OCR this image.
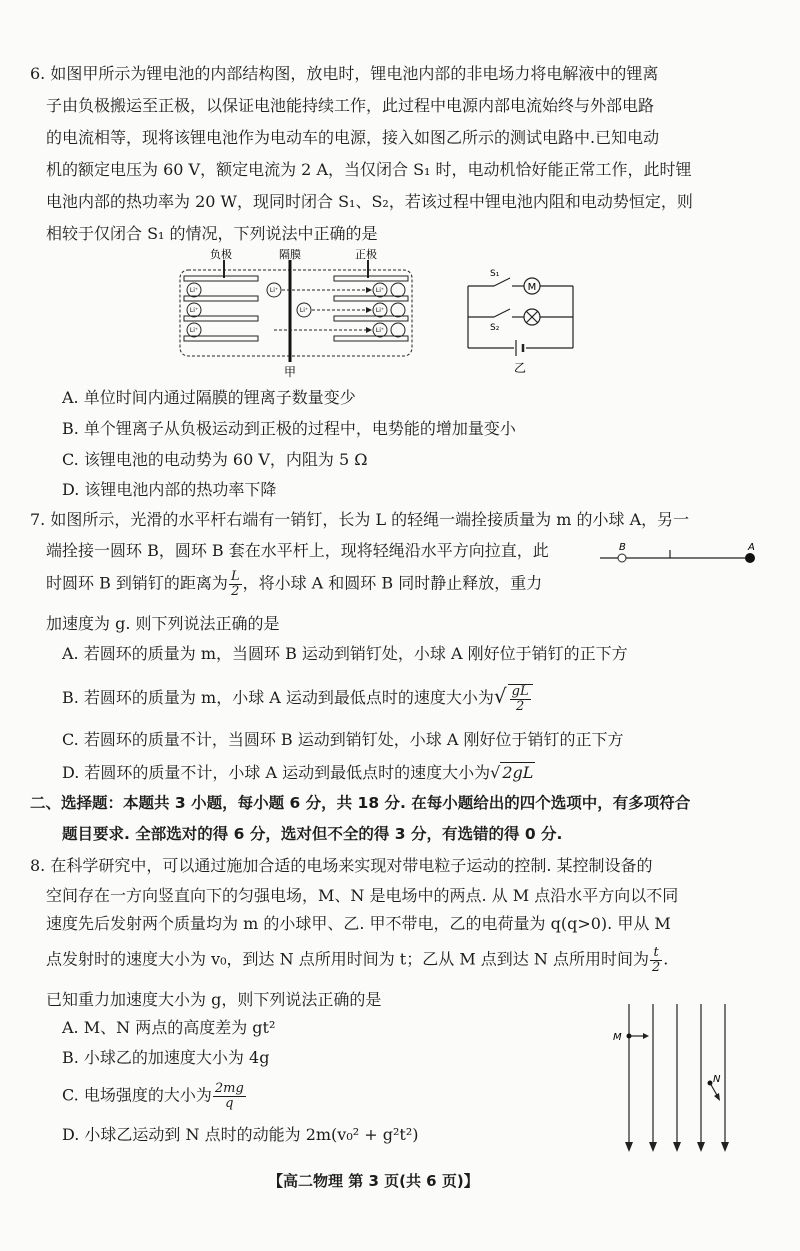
6. 如图甲所示为锂电池的内部结构图，放电时，锂电池内部的非电场力将电解液中的锂离
子由负极搬运至正极，以保证电池能持续工作，此过程中电源内部电流始终与外部电路
的电流相等，现将该锂电池作为电动车的电源，接入如图乙所示的测试电路中.已知电动
机的额定电压为 60 V，额定电流为 2 A，当仅闭合 S₁ 时，电动机恰好能正常工作，此时锂
电池内部的热功率为 20 W，现同时闭合 S₁、S₂，若该过程中锂电池内阻和电动势恒定，则
相较于仅闭合 S₁ 的情况，下列说法中正确的是
负极	隔膜	正极
Li⁺
Li⁺
Li⁺
Li⁺
Li⁺
Li⁺
Li⁺
Li⁺
甲
S₁
S₂
M
乙
A. 单位时间内通过隔膜的锂离子数量变少
B. 单个锂离子从负极运动到正极的过程中，电势能的增加量变小
C. 该锂电池的电动势为 60 V，内阻为 5 Ω
D. 该锂电池内部的热功率下降
7. 如图所示，光滑的水平杆右端有一销钉，长为 L 的轻绳一端拴接质量为 m 的小球 A，另一
端拴接一圆环 B，圆环 B 套在水平杆上，现将轻绳沿水平方向拉直，此
时圆环 B 到销钉的距离为 $\frac{L}{2}$ ，将小球 A 和圆环 B 同时静止释放，重力
加速度为 g. 则下列说法正确的是
B	A
A. 若圆环的质量为 m，当圆环 B 运动到销钉处，小球 A 刚好位于销钉的正下方
B. 若圆环的质量为 m，小球 A 运动到最低点时的速度大小为√ $\frac{gL}{2}$
C. 若圆环的质量不计，当圆环 B 运动到销钉处，小球 A 刚好位于销钉的正下方
D. 若圆环的质量不计，小球 A 运动到最低点时的速度大小为√ 2gL
二、选择题：本题共 3 小题，每小题 6 分，共 18 分. 在每小题给出的四个选项中，有多项符合
题目要求. 全部选对的得 6 分，选对但不全的得 3 分，有选错的得 0 分.
8. 在科学研究中，可以通过施加合适的电场来实现对带电粒子运动的控制. 某控制设备的
空间存在一方向竖直向下的匀强电场，M、N 是电场中的两点. 从 M 点沿水平方向以不同
速度先后发射两个质量均为 m 的小球甲、乙. 甲不带电，乙的电荷量为 q(q>0). 甲从 M
点发射时的速度大小为 v₀，到达 N 点所用时间为 t；乙从 M 点到达 N 点所用时间为 $\frac{t}{2}$ .
已知重力加速度大小为 g，则下列说法正确的是
A. M、N 两点的高度差为 gt²
B. 小球乙的加速度大小为 4g
C. 电场强度的大小为 $\frac{2mg}{q}$
D. 小球乙运动到 N 点时的动能为 2m(v₀² + g²t²)
M
N
【高二物理 第 3 页(共 6 页)】
